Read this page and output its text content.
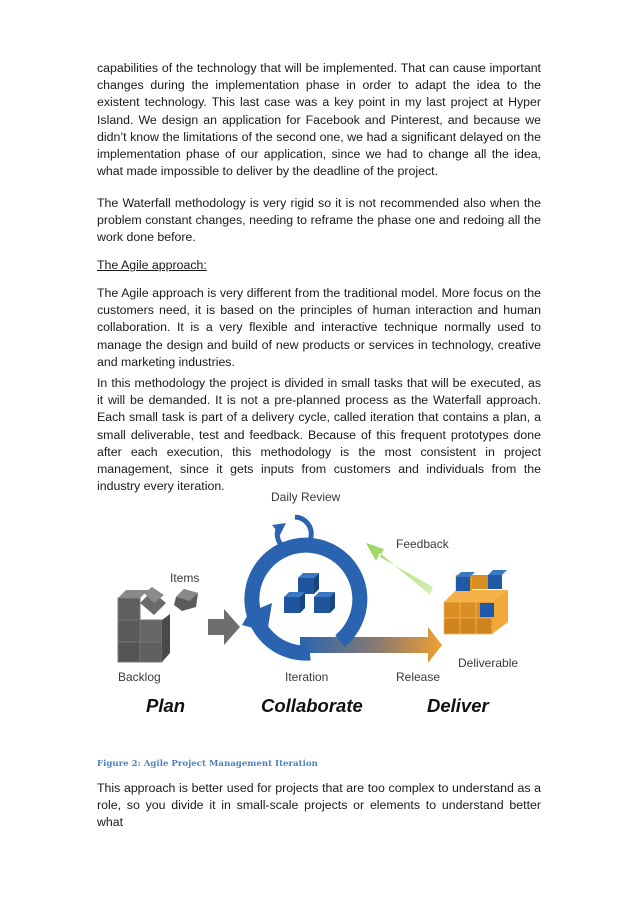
capabilities of the technology that will be implemented. That can cause important changes during the implementation phase in order to adapt the idea to the existent technology. This last case was a key point in my last project at Hyper Island. We design an application for Facebook and Pinterest, and because we didn’t know the limitations of the second one, we had a significant delayed on the implementation phase of our application, since we had to change all the idea, what made impossible to deliver by the deadline of the project.

The Waterfall methodology is very rigid so it is not recommended also when the problem constant changes, needing to reframe the phase one and redoing all the work done before.

The Agile approach:

The Agile approach is very different from the traditional model. More focus on the customers need, it is based on the principles of human interaction and human collaboration. It is a very flexible and interactive technique normally used to manage the design and build of new products or services in technology, creative and marketing industries.

In this methodology the project is divided in small tasks that will be executed, as it will be demanded. It is not a pre-planned process as the Waterfall approach. Each small task is part of a delivery cycle, called iteration that contains a plan, a small deliverable, test and feedback. Because of this frequent prototypes done after each execution, this methodology is the most consistent in project management, since it gets inputs from customers and individuals from the industry every iteration.

Daily Review
Feedback
Items
Backlog	Iteration	Release
Deliverable
Plan	Collaborate	Deliver

Figure 2: Agile Project Management Iteration

This approach is better used for projects that are too complex to understand as a role, so you divide it in small-scale projects or elements to understand better what
